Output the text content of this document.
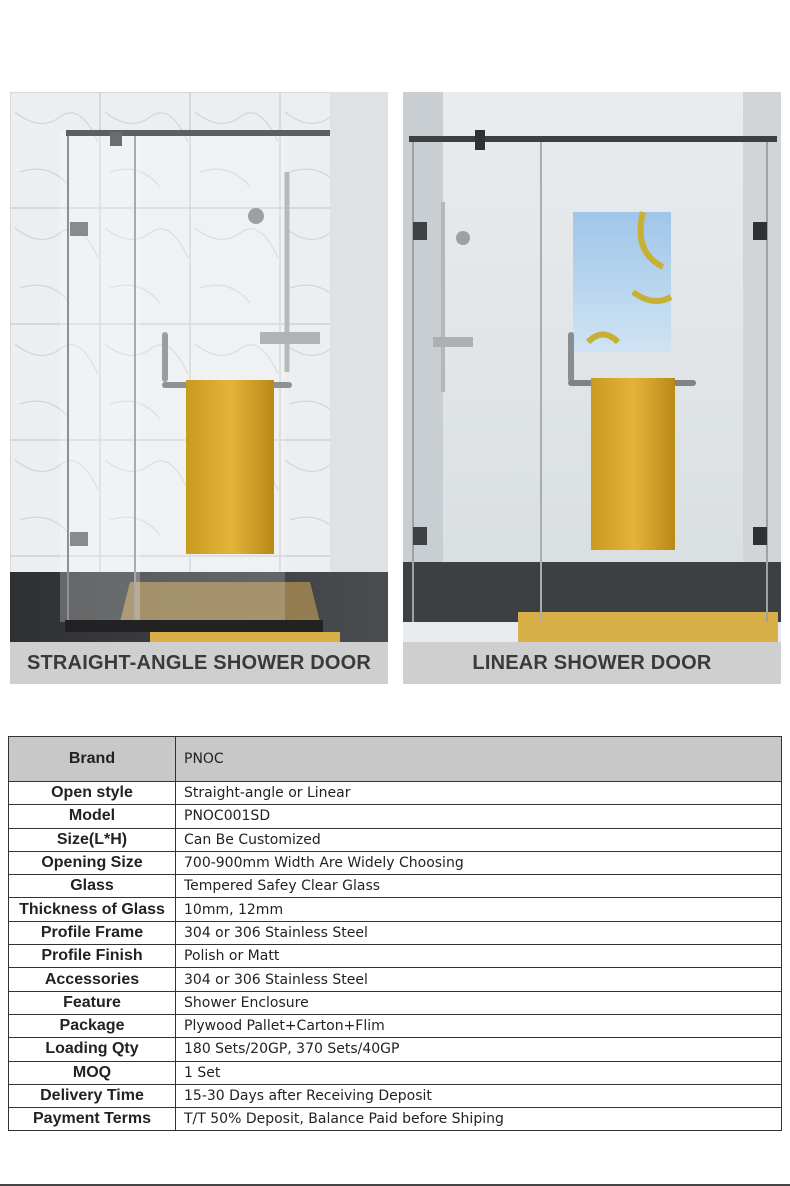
STRAIGHT-ANGLE SHOWER DOOR	LINEAR SHOWER DOOR
Brand	PNOC
Open style	Straight-angle or Linear
Model	PNOC001SD
Size(L*H)	Can Be Customized
Opening Size	700-900mm Width Are Widely Choosing
Glass	Tempered Safey Clear Glass
Thickness of Glass	10mm, 12mm
Profile Frame	304 or 306 Stainless Steel
Profile Finish	Polish or Matt
Accessories	304 or 306 Stainless Steel
Feature	Shower Enclosure
Package	Plywood Pallet+Carton+Flim
Loading Qty	180 Sets/20GP, 370 Sets/40GP
MOQ	1 Set
Delivery Time	15-30 Days after Receiving Deposit
Payment Terms	T/T 50% Deposit, Balance Paid before Shiping
